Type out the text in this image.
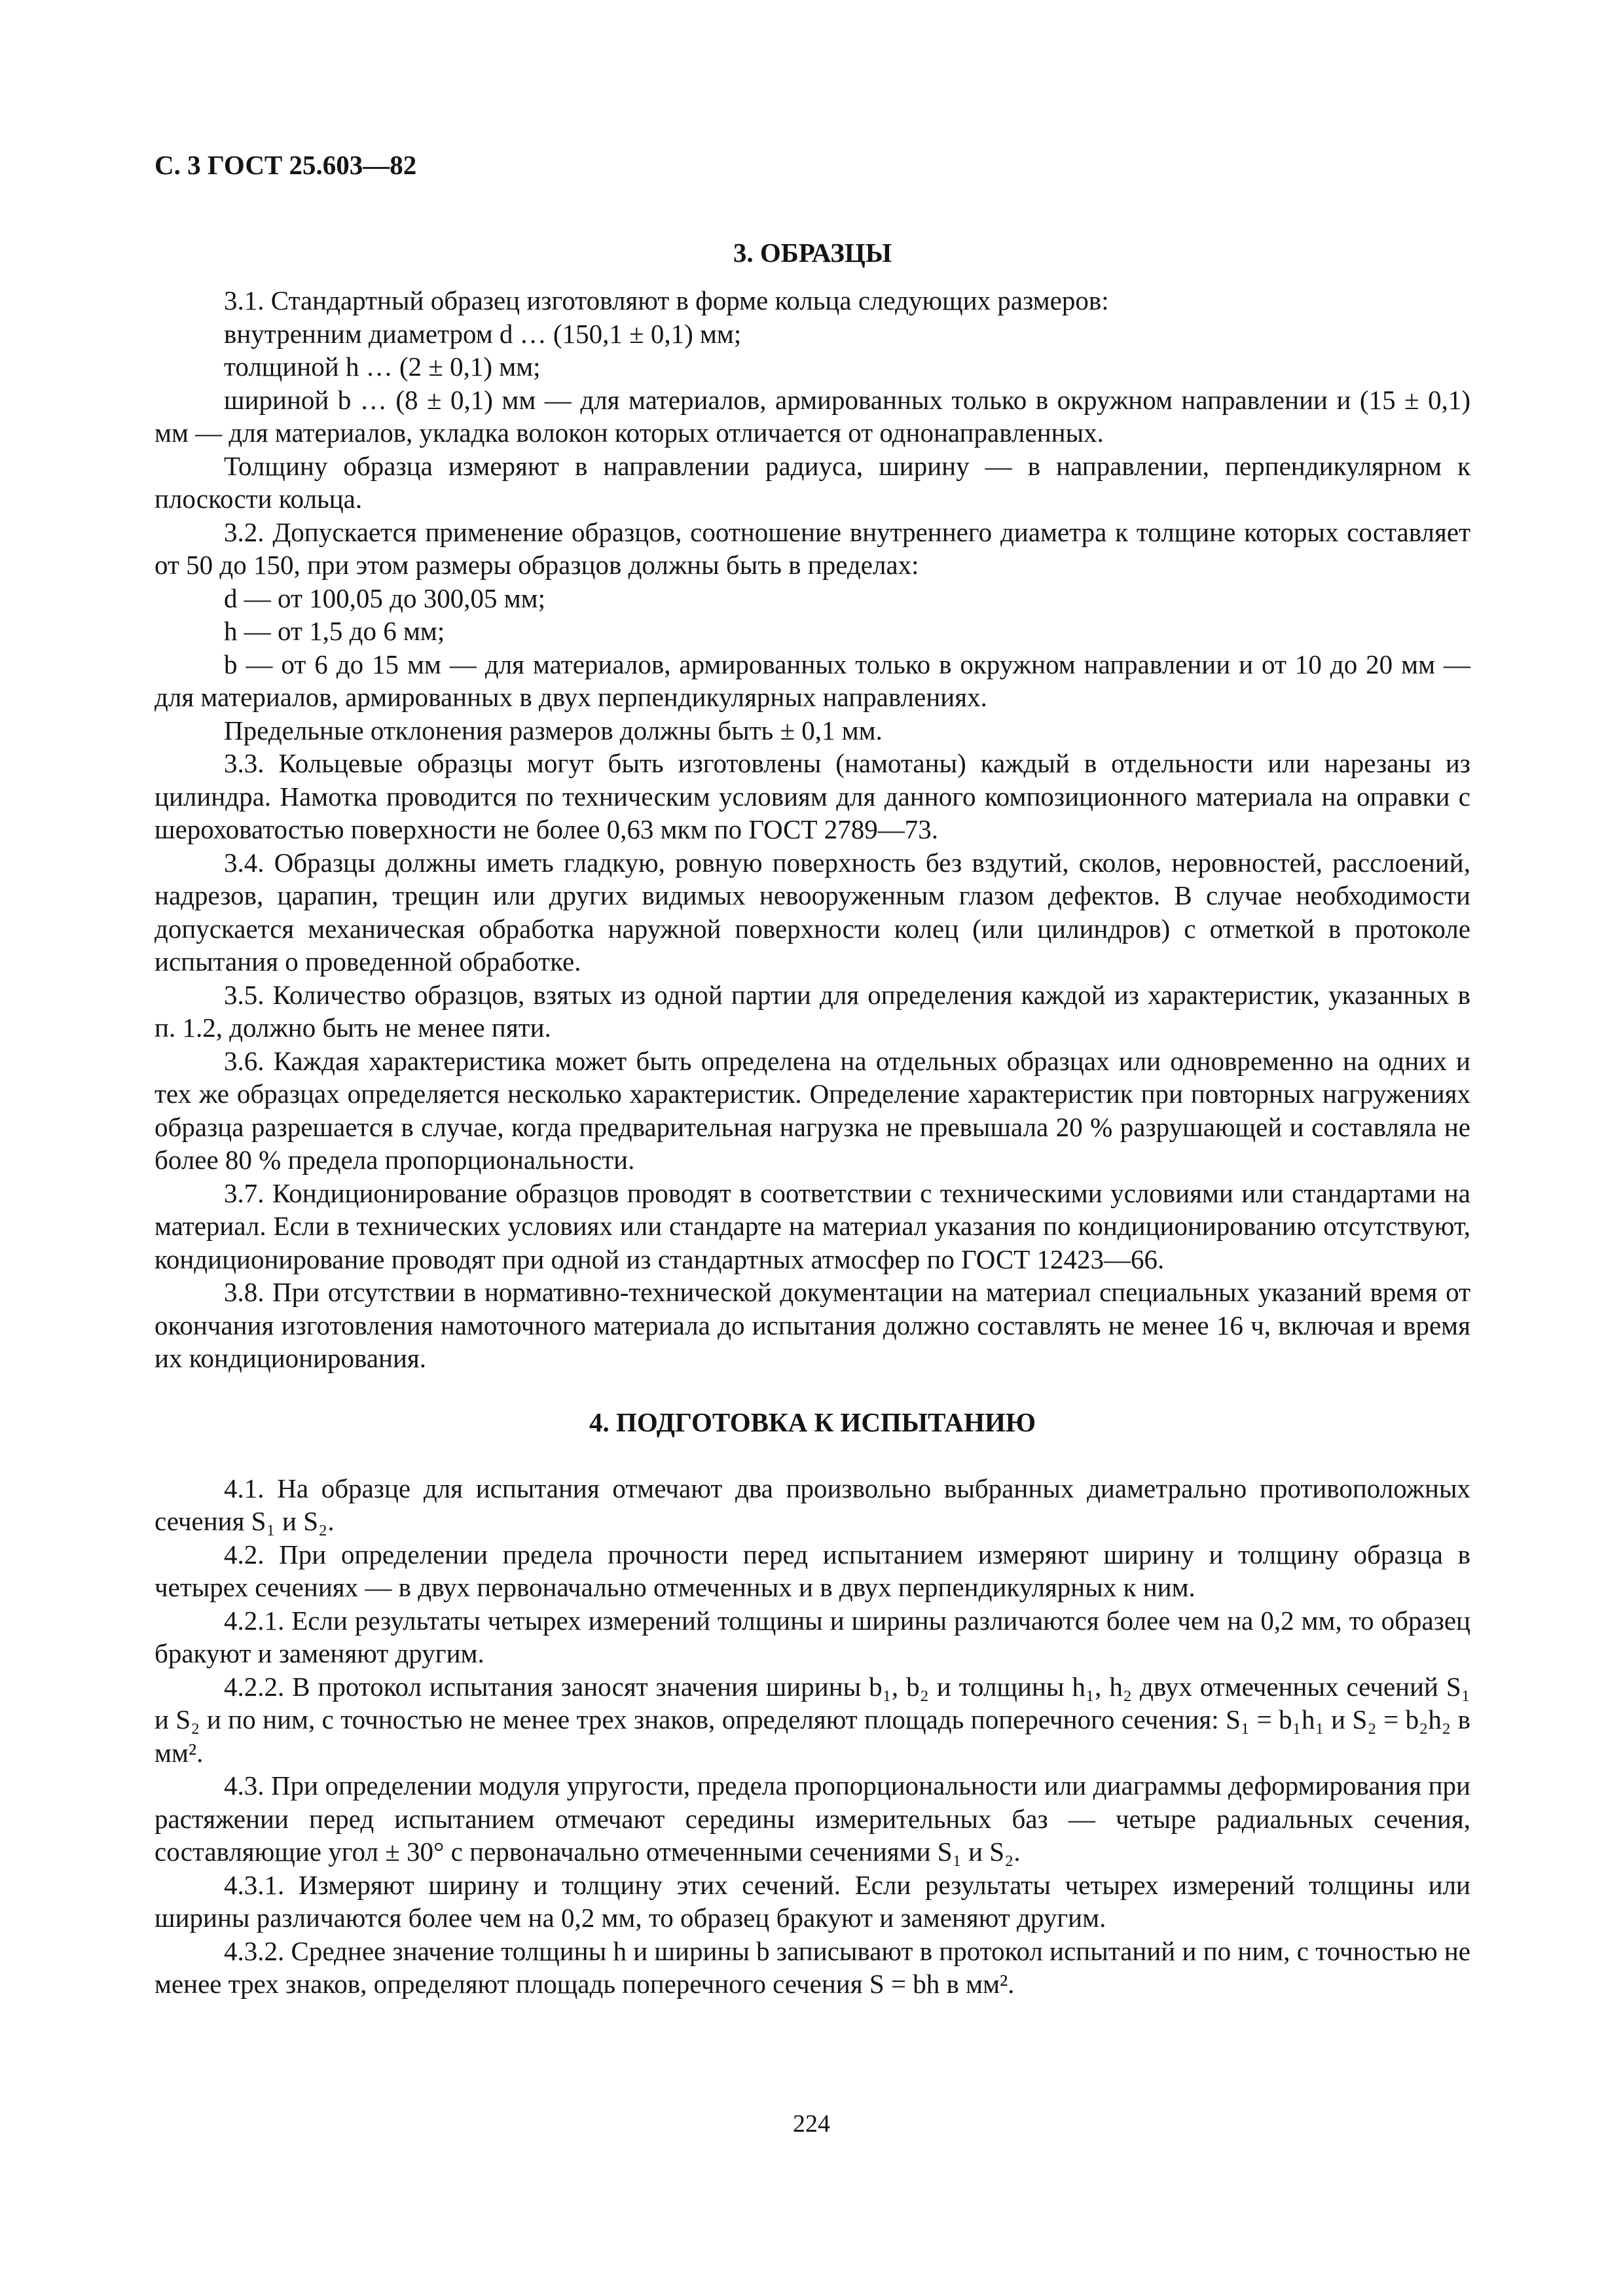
С. 3 ГОСТ 25.603—82
3. ОБРАЗЦЫ

3.1. Стандартный образец изготовляют в форме кольца следующих размеров:

внутренним диаметром d … (150,1 ± 0,1) мм;

толщиной h … (2 ± 0,1) мм;

шириной b … (8 ± 0,1) мм — для материалов, армированных только в окружном направлении и (15 ± 0,1) мм — для материалов, укладка волокон которых отличается от однонаправленных.

Толщину образца измеряют в направлении радиуса, ширину — в направлении, перпендикулярном к плоскости кольца.

3.2. Допускается применение образцов, соотношение внутреннего диаметра к толщине которых составляет от 50 до 150, при этом размеры образцов должны быть в пределах:

d — от 100,05 до 300,05 мм;

h — от 1,5 до 6 мм;

b — от 6 до 15 мм — для материалов, армированных только в окружном направлении и от 10 до 20 мм — для материалов, армированных в двух перпендикулярных направлениях.

Предельные отклонения размеров должны быть ± 0,1 мм.

3.3. Кольцевые образцы могут быть изготовлены (намотаны) каждый в отдельности или нарезаны из цилиндра. Намотка проводится по техническим условиям для данного композиционного материала на оправки с шероховатостью поверхности не более 0,63 мкм по ГОСТ 2789—73.

3.4. Образцы должны иметь гладкую, ровную поверхность без вздутий, сколов, неровностей, расслоений, надрезов, царапин, трещин или других видимых невооруженным глазом дефектов. В случае необходимости допускается механическая обработка наружной поверхности колец (или цилиндров) с отметкой в протоколе испытания о проведенной обработке.

3.5. Количество образцов, взятых из одной партии для определения каждой из характеристик, указанных в п. 1.2, должно быть не менее пяти.

3.6. Каждая характеристика может быть определена на отдельных образцах или одновременно на одних и тех же образцах определяется несколько характеристик. Определение характеристик при повторных нагружениях образца разрешается в случае, когда предварительная нагрузка не превышала 20 % разрушающей и составляла не более 80 % предела пропорциональности.

3.7. Кондиционирование образцов проводят в соответствии с техническими условиями или стандартами на материал. Если в технических условиях или стандарте на материал указания по кондиционированию отсутствуют, кондиционирование проводят при одной из стандартных атмосфер по ГОСТ 12423—66.

3.8. При отсутствии в нормативно-технической документации на материал специальных указаний время от окончания изготовления намоточного материала до испытания должно составлять не менее 16 ч, включая и время их кондиционирования.

4. ПОДГОТОВКА К ИСПЫТАНИЮ

4.1. На образце для испытания отмечают два произвольно выбранных диаметрально противоположных сечения S₁ и S₂.

4.2. При определении предела прочности перед испытанием измеряют ширину и толщину образца в четырех сечениях — в двух первоначально отмеченных и в двух перпендикулярных к ним.

4.2.1. Если результаты четырех измерений толщины и ширины различаются более чем на 0,2 мм, то образец бракуют и заменяют другим.

4.2.2. В протокол испытания заносят значения ширины b₁, b₂ и толщины h₁, h₂ двух отмеченных сечений S₁ и S₂ и по ним, с точностью не менее трех знаков, определяют площадь поперечного сечения: S₁ = b₁h₁ и S₂ = b₂h₂ в мм².

4.3. При определении модуля упругости, предела пропорциональности или диаграммы деформирования при растяжении перед испытанием отмечают середины измерительных баз — четыре радиальных сечения, составляющие угол ± 30° с первоначально отмеченными сечениями S₁ и S₂.

4.3.1. Измеряют ширину и толщину этих сечений. Если результаты четырех измерений толщины или ширины различаются более чем на 0,2 мм, то образец бракуют и заменяют другим.

4.3.2. Среднее значение толщины h и ширины b записывают в протокол испытаний и по ним, с точностью не менее трех знаков, определяют площадь поперечного сечения S = bh в мм².

224
